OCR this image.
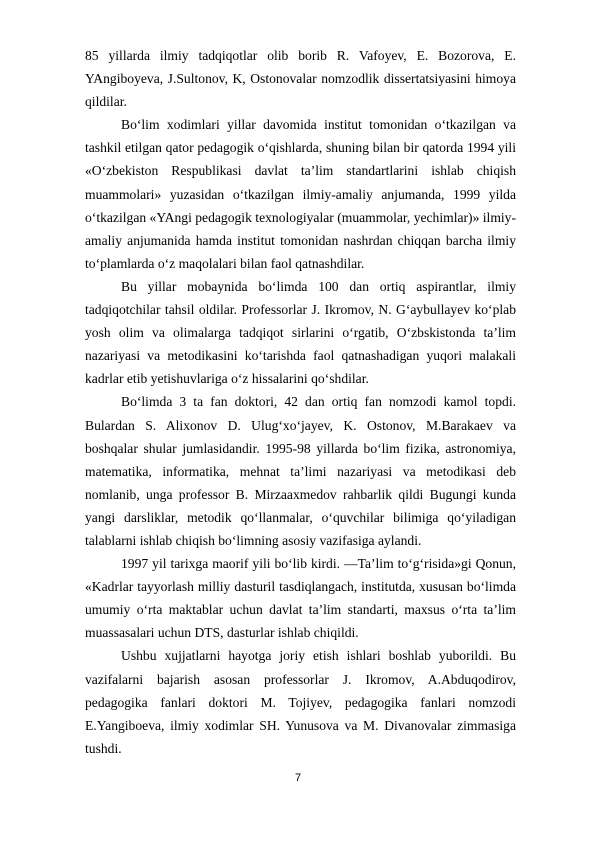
85 yillarda ilmiy tadqiqotlar olib borib R. Vafoyev, E. Bozorova, E. YAngiboyeva, J.Sultonov, K, Ostonovalar nomzodlik dissertatsiyasini himoya qildilar.

Bo‘lim xodimlari yillar davomida institut tomonidan o‘tkazilgan va tashkil etilgan qator pedagogik o‘qishlarda, shuning bilan bir qatorda 1994 yili «O‘zbekiston Respublikasi davlat ta’lim standartlarini ishlab chiqish muammolari» yuzasidan o‘tkazilgan ilmiy-amaliy anjumanda, 1999 yilda o‘tkazilgan «YAngi pedagogik texnologiyalar (muammolar, yechimlar)» ilmiy-amaliy anjumanida hamda institut tomonidan nashrdan chiqqan barcha ilmiy to‘plamlarda o‘z maqolalari bilan faol qatnashdilar.

Bu yillar mobaynida bo‘limda 100 dan ortiq aspirantlar, ilmiy tadqiqotchilar tahsil oldilar. Professorlar J. Ikromov, N. G‘aybullayev ko‘plab yosh olim va olimalarga tadqiqot sirlarini o‘rgatib, O‘zbskistonda ta’lim nazariyasi va metodikasini ko‘tarishda faol qatnashadigan yuqori malakali kadrlar etib yetishuvlariga o‘z hissalarini qo‘shdilar.

Bo‘limda 3 ta fan doktori, 42 dan ortiq fan nomzodi kamol topdi. Bulardan S. Alixonov D. Ulug‘xo‘jayev, K. Ostonov, M.Barakaev va boshqalar shular jumlasidandir. 1995-98 yillarda bo‘lim fizika, astronomiya, matematika, informatika, mehnat ta’limi nazariyasi va metodikasi deb nomlanib, unga professor B. Mirzaaxmedov rahbarlik qildi Bugungi kunda yangi darsliklar, metodik qo‘llanmalar, o‘quvchilar bilimiga qo‘yiladigan talablarni ishlab chiqish bo‘limning asosiy vazifasiga aylandi.

1997 yil tarixga maorif yili bo‘lib kirdi. ―Ta’lim to‘g‘risida»gi Qonun, «Kadrlar tayyorlash milliy dasturil tasdiqlangach, institutda, xususan bo‘limda umumiy o‘rta maktablar uchun davlat ta’lim standarti, maxsus o‘rta ta’lim muassasalari uchun DTS, dasturlar ishlab chiqildi.

Ushbu xujjatlarni hayotga joriy etish ishlari boshlab yuborildi. Bu vazifalarni bajarish asosan professorlar J. Ikromov, A.Abduqodirov, pedagogika fanlari doktori M. Tojiyev, pedagogika fanlari nomzodi E.Yangiboeva, ilmiy xodimlar SH. Yunusova va M. Divanovalar zimmasiga tushdi.

7
